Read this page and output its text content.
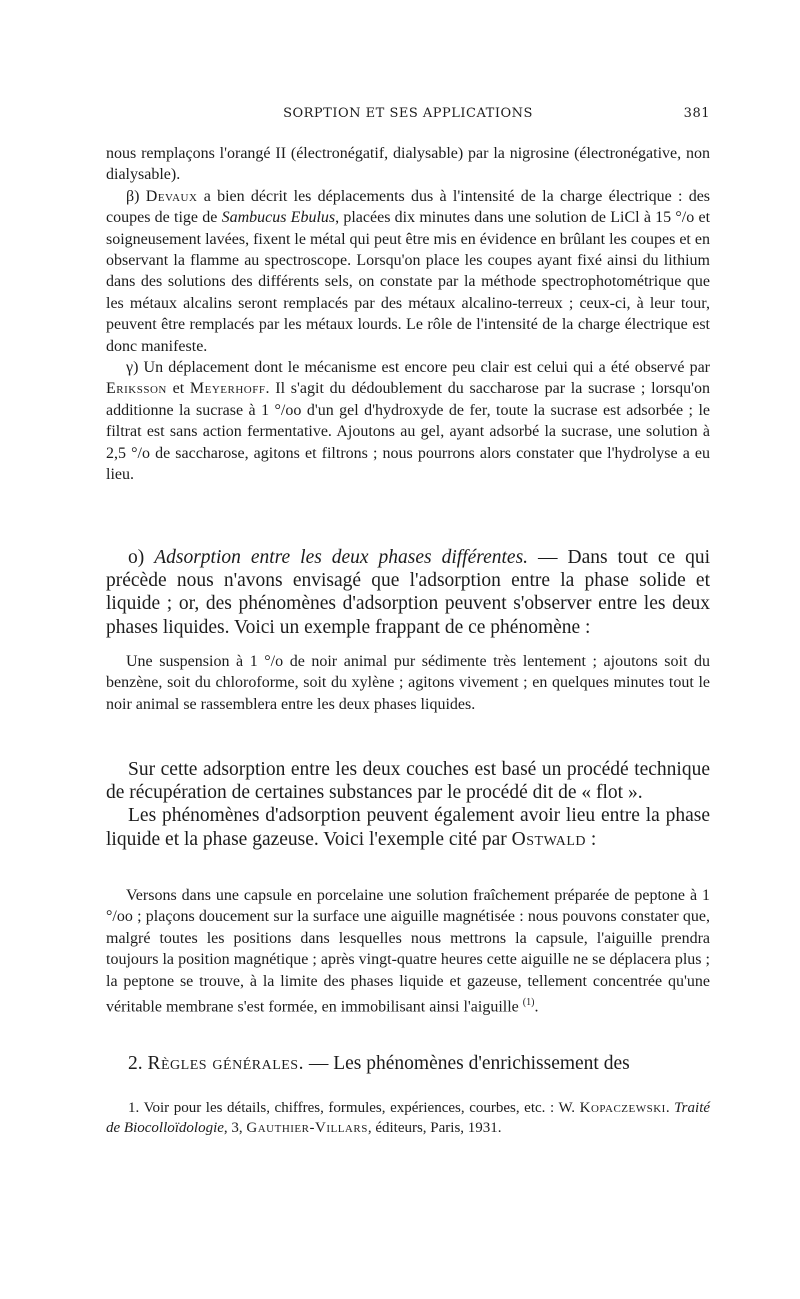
SORPTION ET SES APPLICATIONS	381

nous remplaçons l'orangé II (électronégatif, dialysable) par la nigrosine (électronégative, non dialysable).

β) Devaux a bien décrit les déplacements dus à l'intensité de la charge électrique : des coupes de tige de Sambucus Ebulus, placées dix minutes dans une solution de LiCl à 15 °/o et soigneusement lavées, fixent le métal qui peut être mis en évidence en brûlant les coupes et en observant la flamme au spectroscope. Lorsqu'on place les coupes ayant fixé ainsi du lithium dans des solutions des différents sels, on constate par la méthode spectrophotométrique que les métaux alcalins seront remplacés par des métaux alcalino-terreux ; ceux-ci, à leur tour, peuvent être remplacés par les métaux lourds. Le rôle de l'intensité de la charge électrique est donc manifeste.

γ) Un déplacement dont le mécanisme est encore peu clair est celui qui a été observé par Eriksson et Meyerhoff. Il s'agit du dédoublement du saccharose par la sucrase ; lorsqu'on additionne la sucrase à 1 °/oo d'un gel d'hydroxyde de fer, toute la sucrase est adsorbée ; le filtrat est sans action fermentative. Ajoutons au gel, ayant adsorbé la sucrase, une solution à 2,5 °/o de saccharose, agitons et filtrons ; nous pourrons alors constater que l'hydrolyse a eu lieu.

o) Adsorption entre les deux phases différentes. — Dans tout ce qui précède nous n'avons envisagé que l'adsorption entre la phase solide et liquide ; or, des phénomènes d'adsorption peuvent s'observer entre les deux phases liquides. Voici un exemple frappant de ce phénomène :

Une suspension à 1 °/o de noir animal pur sédimente très lentement ; ajoutons soit du benzène, soit du chloroforme, soit du xylène ; agitons vivement ; en quelques minutes tout le noir animal se rassemblera entre les deux phases liquides.

Sur cette adsorption entre les deux couches est basé un procédé technique de récupération de certaines substances par le procédé dit de « flot ».

Les phénomènes d'adsorption peuvent également avoir lieu entre la phase liquide et la phase gazeuse. Voici l'exemple cité par Ostwald :

Versons dans une capsule en porcelaine une solution fraîchement préparée de peptone à 1 °/oo ; plaçons doucement sur la surface une aiguille magnétisée : nous pouvons constater que, malgré toutes les positions dans lesquelles nous mettrons la capsule, l'aiguille prendra toujours la position magnétique ; après vingt-quatre heures cette aiguille ne se déplacera plus ; la peptone se trouve, à la limite des phases liquide et gazeuse, tellement concentrée qu'une véritable membrane s'est formée, en immobilisant ainsi l'aiguille $^{(1)}$.

2. Règles générales. — Les phénomènes d'enrichissement des

1. Voir pour les détails, chiffres, formules, expériences, courbes, etc. : W. Kopaczewski. Traité de Biocolloïdologie, 3, Gauthier-Villars, éditeurs, Paris, 1931.
